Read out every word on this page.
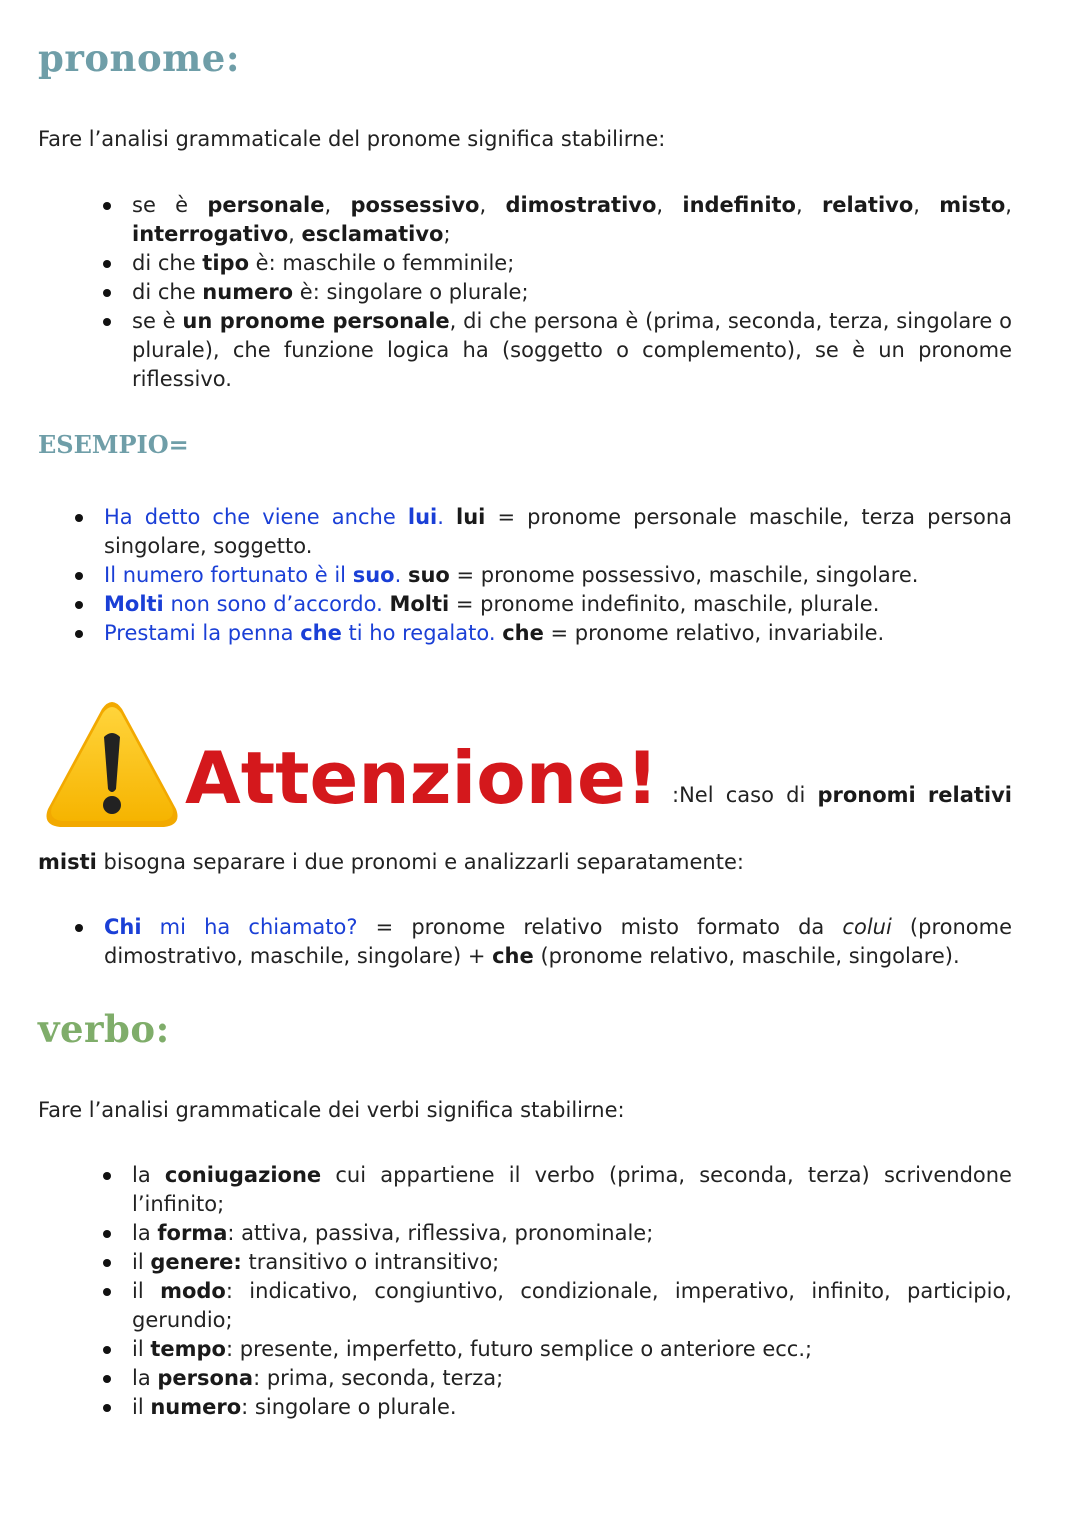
pronome:
Fare l’analisi grammaticale del pronome significa stabilirne:
se è personale, possessivo, dimostrativo, indefinito, relativo, misto, interrogativo, esclamativo;
di che tipo è: maschile o femminile;
di che numero è: singolare o plurale;
se è un pronome personale, di che persona è (prima, seconda, terza, singolare o plurale), che funzione logica ha (soggetto o complemento), se è un pronome riflessivo.
ESEMPIO=
Ha detto che viene anche lui. lui = pronome personale maschile, terza persona singolare, soggetto.
Il numero fortunato è il suo. suo = pronome possessivo, maschile, singolare.
Molti non sono d’accordo. Molti = pronome indefinito, maschile, plurale.
Prestami la penna che ti ho regalato. che = pronome relativo, invariabile.
Attenzione! :Nel caso di pronomi relativi
misti bisogna separare i due pronomi e analizzarli separatamente:
Chi mi ha chiamato? = pronome relativo misto formato da colui (pronome dimostrativo, maschile, singolare) + che (pronome relativo, maschile, singolare).
verbo:
Fare l’analisi grammaticale dei verbi significa stabilirne:
la coniugazione cui appartiene il verbo (prima, seconda, terza) scrivendone l’infinito;
la forma: attiva, passiva, riflessiva, pronominale;
il genere: transitivo o intransitivo;
il modo: indicativo, congiuntivo, condizionale, imperativo, infinito, participio, gerundio;
il tempo: presente, imperfetto, futuro semplice o anteriore ecc.;
la persona: prima, seconda, terza;
il numero: singolare o plurale.
